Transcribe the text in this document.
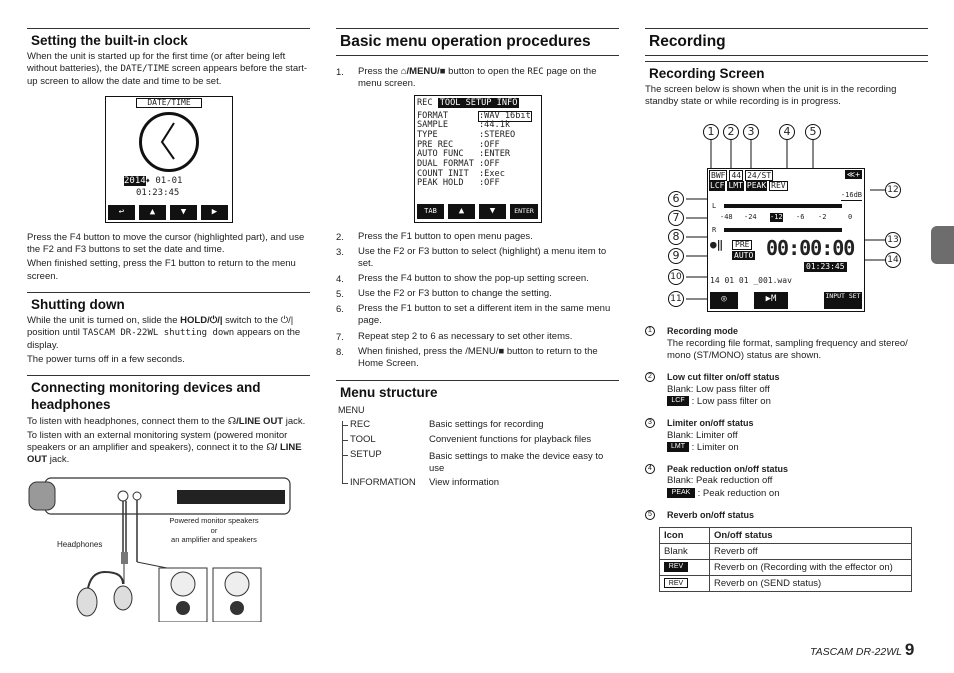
Setting the built-in clock
When the unit is started up for the first time (or after being left without batteries), the DATE/TIME screen appears before the start-up screen to allow the date and time to be set.
DATE/TIME
2014♦ 01-01
01:23:45
↩	▲	▼	▶
Press the F4 button to move the cursor (highlighted part), and use the F2 and F3 buttons to set the date and time.
When finished setting, press the F1 button to return to the menu screen.
Shutting down
While the unit is turned on, slide the HOLD/⏻/| switch to the ⏻/| position until TASCAM DR-22WL shutting down appears on the display.
The power turns off in a few seconds.
Connecting monitoring devices and headphones
To listen with headphones, connect them to the ☊/LINE OUT jack.
To listen with an external monitoring system (powered monitor speakers or an amplifier and speakers), connect it to the ☊/ LINE OUT jack.
Headphones
Powered monitor speakers
or
an amplifier and speakers
Basic menu operation procedures
1. Press the ⌂/MENU/■ button to open the REC page on the menu screen.
REC TOOL SETUP INFO
FORMAT	:WAV 16bit
SAMPLE	:44.1k
TYPE	:STEREO
PRE REC	:OFF
AUTO FUNC	:ENTER
DUAL FORMAT :OFF
COUNT INIT	:Exec
PEAK HOLD	:OFF
TAB	▲	▼	ENTER
2. Press the F1 button to open menu pages.
3. Use the F2 or F3 button to select (highlight) a menu item to set.
4. Press the F4 button to show the pop-up setting screen.
5. Use the F2 or F3 button to change the setting.
6. Press the F1 button to set a different item in the same menu page.
7. Repeat step 2 to 6 as necessary to set other items.
8. When finished, press the /MENU/■ button to return to the Home Screen.
Menu structure
MENU
REC	Basic settings for recording
TOOL	Convenient functions for playback files
SETUP	Basic settings to make the device easy to use
INFORMATION View information
Recording
Recording Screen
The screen below is shown when the unit is in the recording standby state or while recording is in progress.
1	2	3	4	5
6
7
8
9
10
11
12
13
14
BWF 44 24/ST	≪+
LCF LMT PEAK REV
-16dB
L
-48 -24 -12 -6 -2	0
R
●‖	PRE
AUTO 00:00:00
01:23:45
14 01 01 _001.wav
◎	▶M	INPUT SET
1	Recording mode
The recording file format, sampling frequency and stereo/ mono (ST/MONO) status are shown.
2	Low cut filter on/off status
Blank: Low pass filter off
LCF : Low pass filter on
3	Limiter on/off status
Blank: Limiter off
LMT : Limiter on
4	Peak reduction on/off status
Blank: Peak reduction off
PEAK : Peak reduction on
5	Reverb on/off status
Icon	On/off status
Blank	Reverb off
REV	Reverb on (Recording with the effector on)
REV	Reverb on (SEND status)
TASCAM DR-22WL 9
